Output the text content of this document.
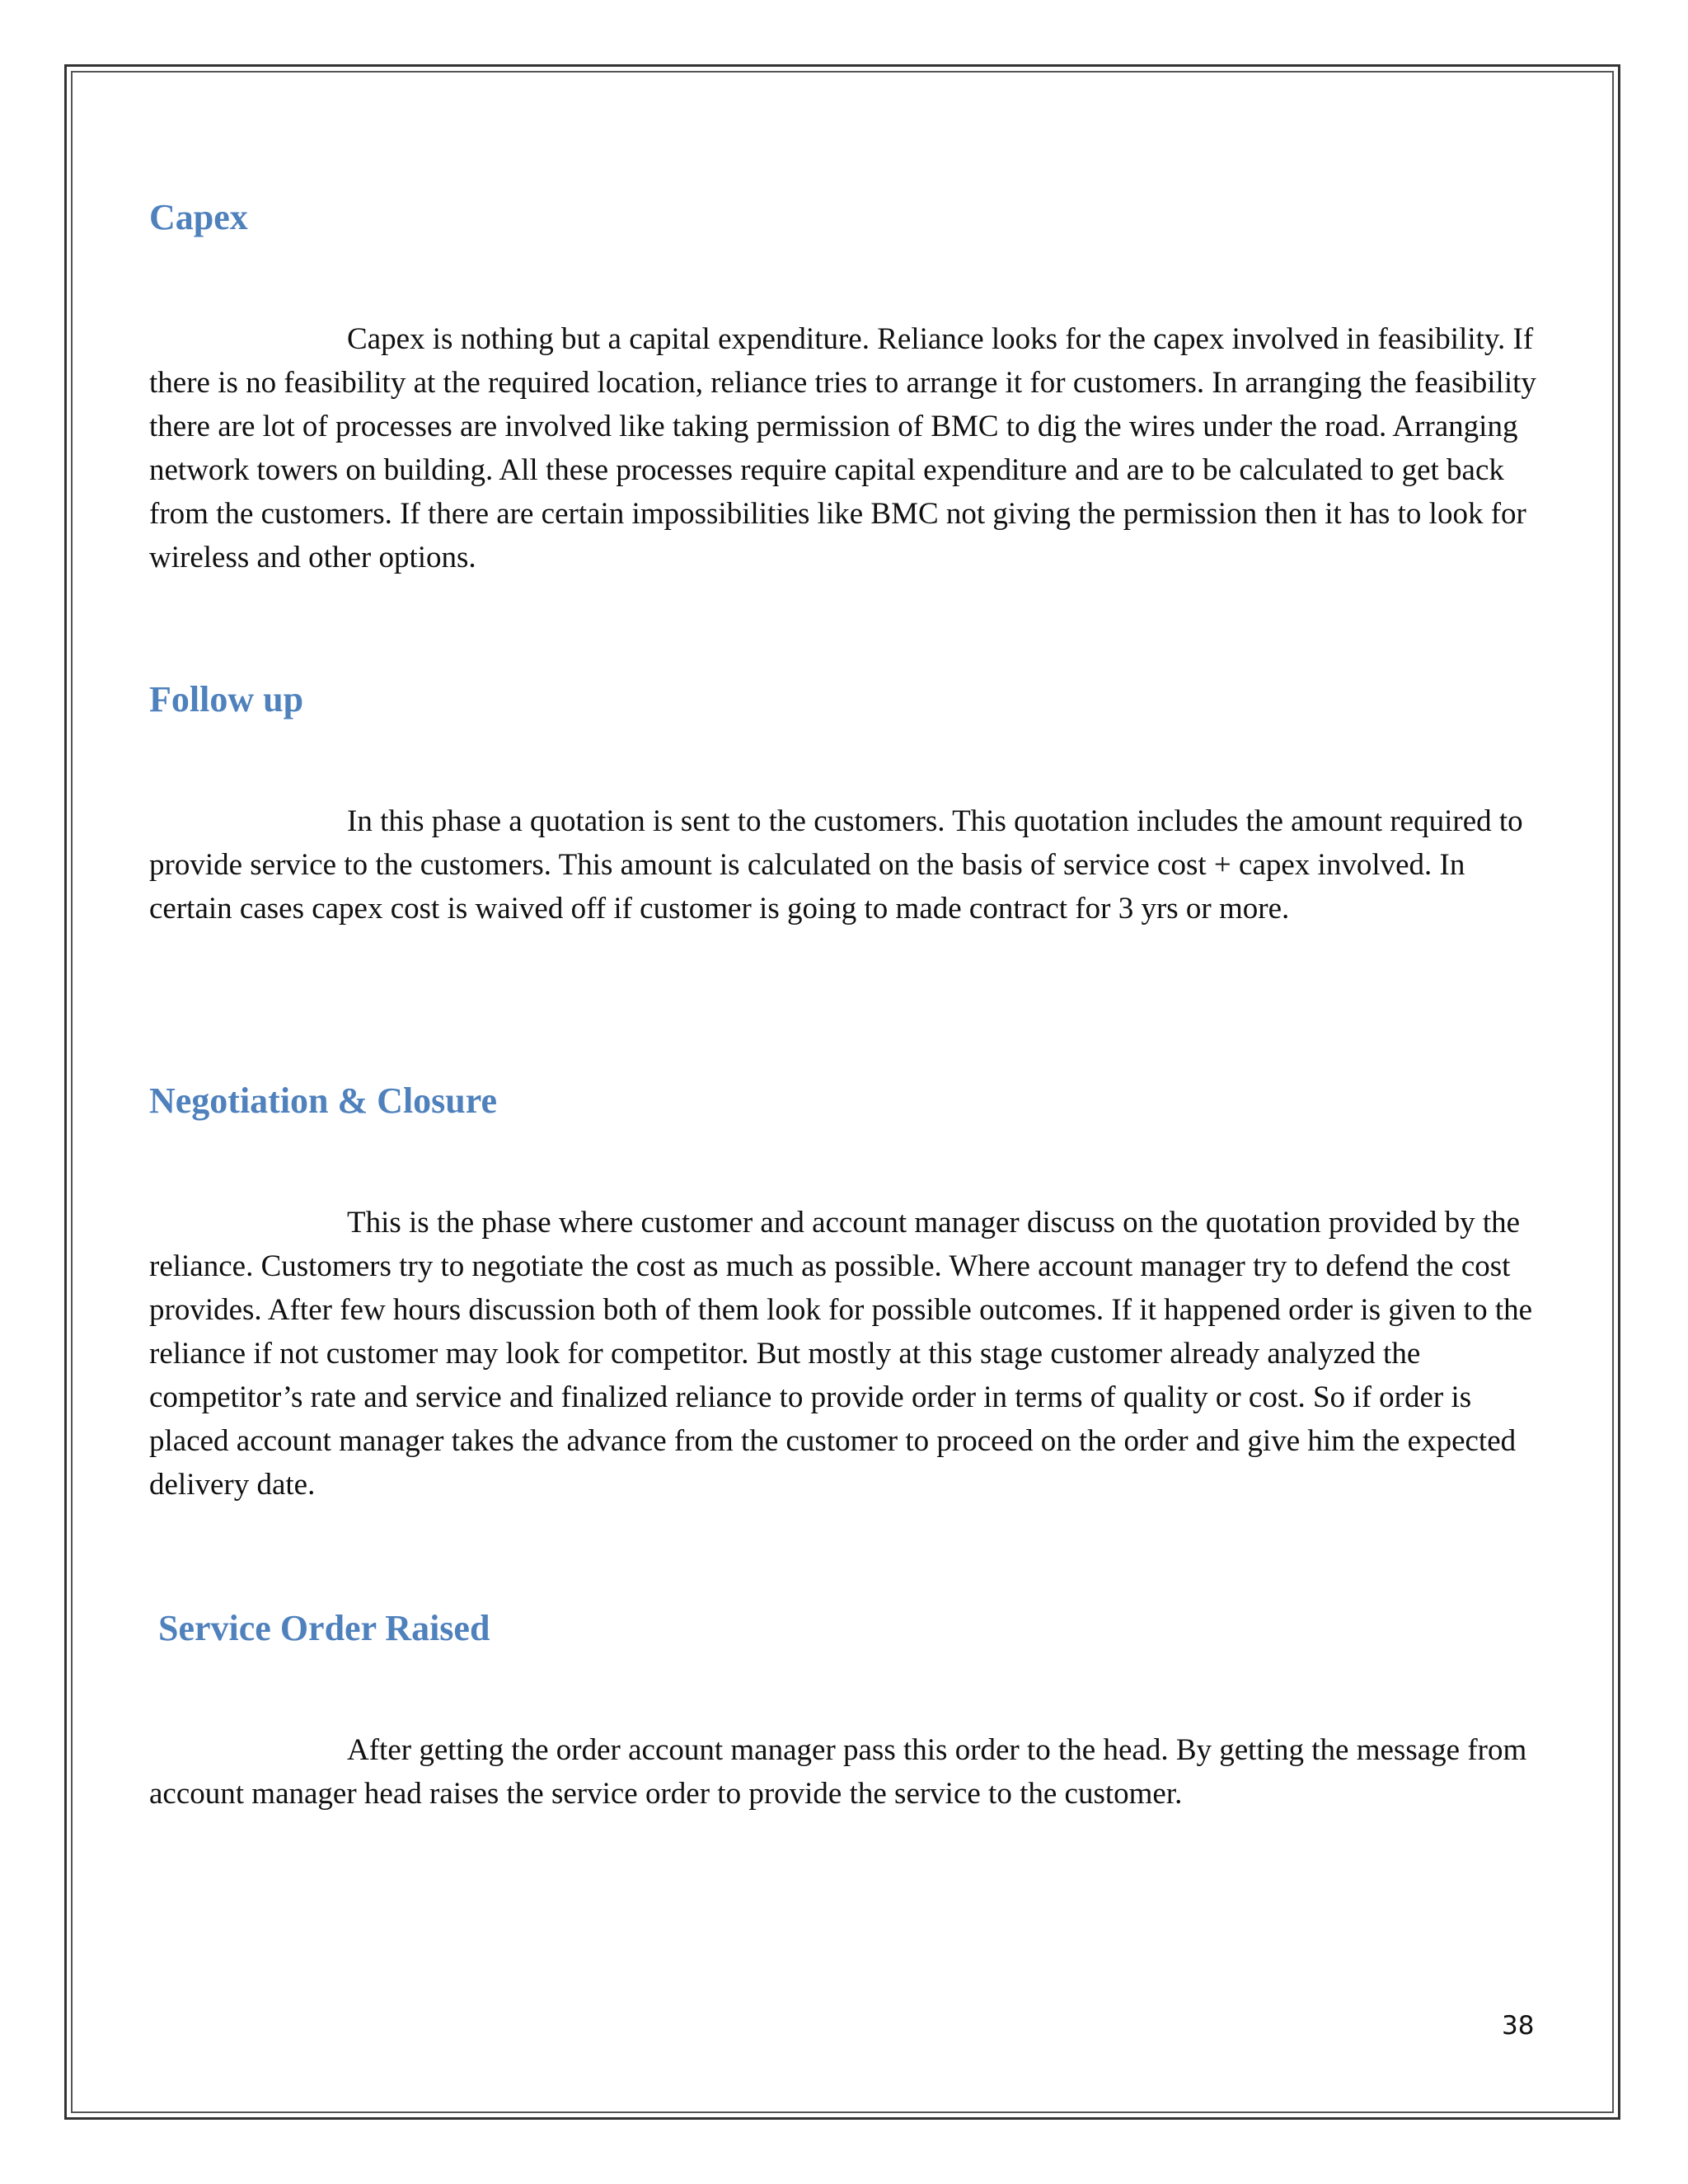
Capex

Capex is nothing but a capital expenditure. Reliance looks for the capex involved in feasibility. If there is no feasibility at the required location, reliance tries to arrange it for customers. In arranging the feasibility there are lot of processes are involved like taking permission of BMC to dig the wires under the road. Arranging network towers on building. All these processes require capital expenditure and are to be calculated to get back from the customers. If there are certain impossibilities like BMC not giving the permission then it has to look for wireless and other options.

Follow up

In this phase a quotation is sent to the customers. This quotation includes the amount required to provide service to the customers. This amount is calculated on the basis of service cost + capex involved. In certain cases capex cost is waived off if customer is going to made contract for 3 yrs or more.

Negotiation & Closure

This is the phase where customer and account manager discuss on the quotation provided by the reliance. Customers try to negotiate the cost as much as possible. Where account manager try to defend the cost provides. After few hours discussion both of them look for possible outcomes. If it happened order is given to the reliance if not customer may look for competitor. But mostly at this stage customer already analyzed the competitor’s rate and service and finalized reliance to provide order in terms of quality or cost. So if order is placed account manager takes the advance from the customer to proceed on the order and give him the expected delivery date.

Service Order Raised

After getting the order account manager pass this order to the head. By getting the message from account manager head raises the service order to provide the service to the customer.

38
